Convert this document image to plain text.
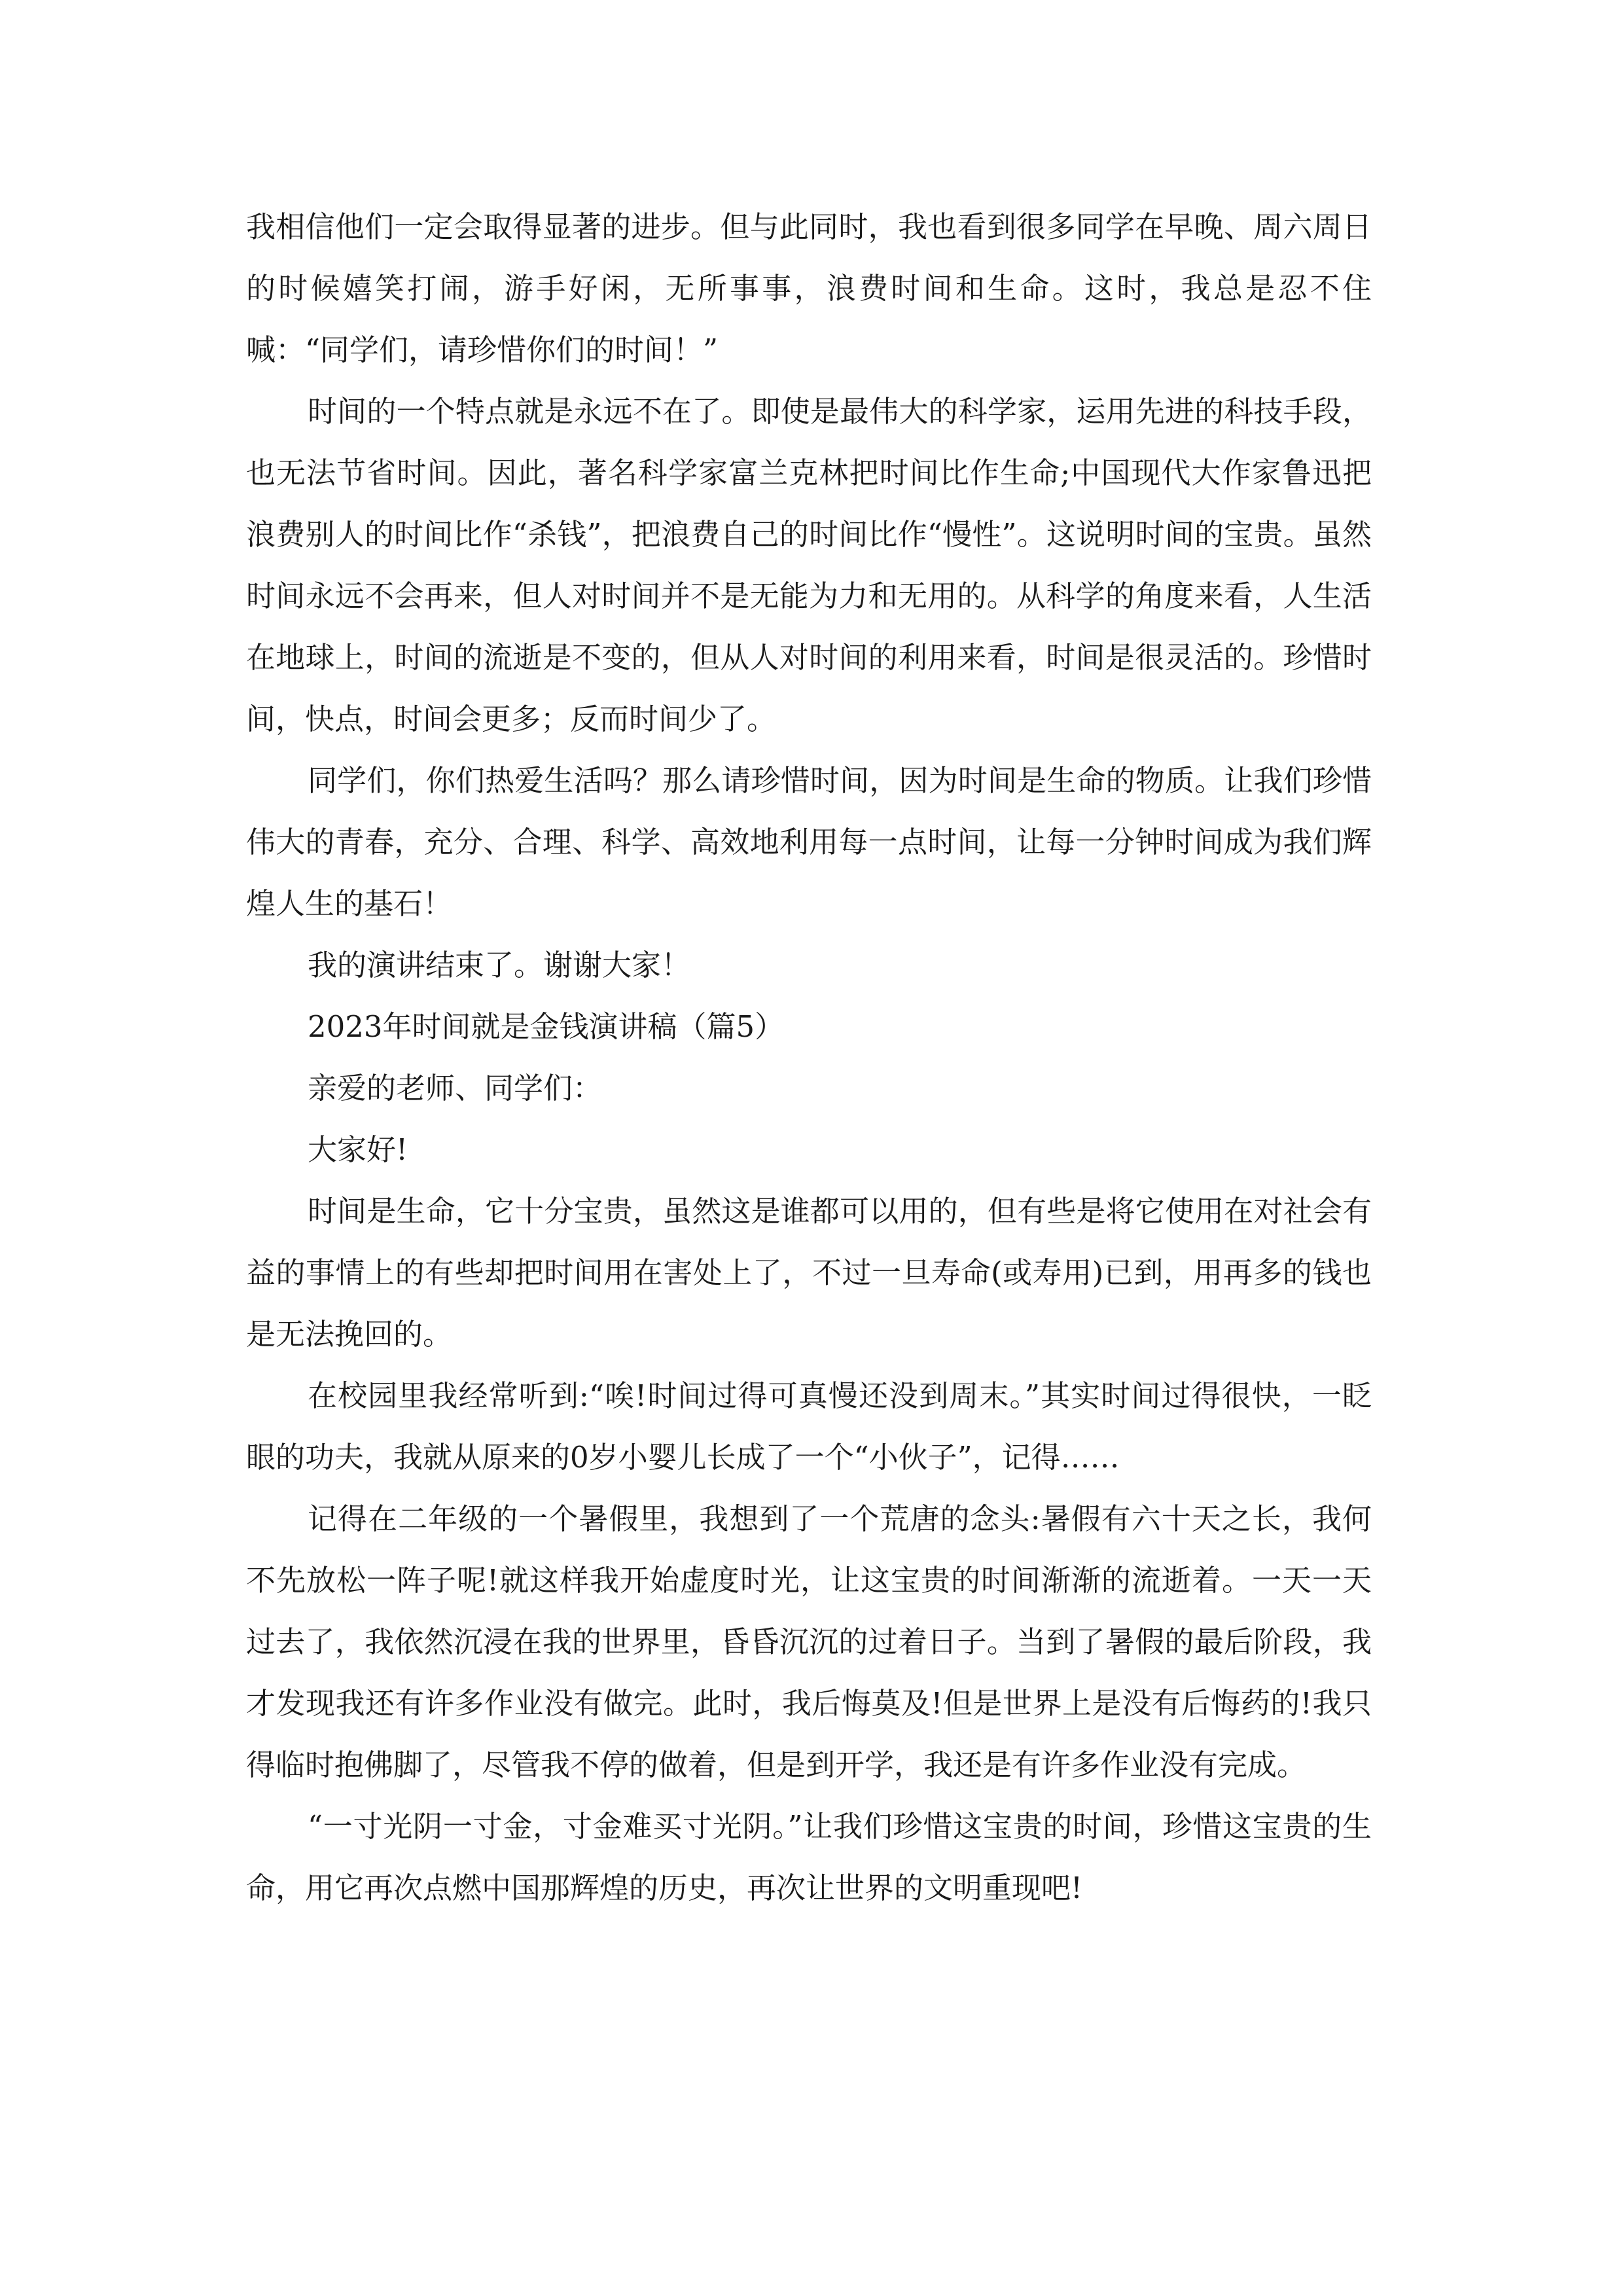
我相信他们一定会取得显著的进步。但与此同时，我也看到很多同学在早晚、周六周日的时候嬉笑打闹，游手好闲，无所事事，浪费时间和生命。这时，我总是忍不住喊：“同学们，请珍惜你们的时间！”

时间的一个特点就是永远不在了。即使是最伟大的科学家，运用先进的科技手段，也无法节省时间。因此，著名科学家富兰克林把时间比作生命;中国现代大作家鲁迅把浪费别人的时间比作“杀钱”，把浪费自己的时间比作“慢性”。这说明时间的宝贵。虽然时间永远不会再来，但人对时间并不是无能为力和无用的。从科学的角度来看，人生活在地球上，时间的流逝是不变的，但从人对时间的利用来看，时间是很灵活的。珍惜时间，快点，时间会更多；反而时间少了。

同学们，你们热爱生活吗？那么请珍惜时间，因为时间是生命的物质。让我们珍惜伟大的青春，充分、合理、科学、高效地利用每一点时间，让每一分钟时间成为我们辉煌人生的基石！

我的演讲结束了。谢谢大家！

2023年时间就是金钱演讲稿（篇5）

亲爱的老师、同学们：

大家好!

时间是生命，它十分宝贵，虽然这是谁都可以用的，但有些是将它使用在对社会有益的事情上的有些却把时间用在害处上了，不过一旦寿命(或寿用)已到，用再多的钱也是无法挽回的。

在校园里我经常听到:“唉!时间过得可真慢还没到周末。”其实时间过得很快，一眨眼的功夫，我就从原来的0岁小婴儿长成了一个“小伙子”，记得……

记得在二年级的一个暑假里，我想到了一个荒唐的念头:暑假有六十天之长，我何不先放松一阵子呢!就这样我开始虚度时光，让这宝贵的时间渐渐的流逝着。一天一天过去了，我依然沉浸在我的世界里，昏昏沉沉的过着日子。当到了暑假的最后阶段，我才发现我还有许多作业没有做完。此时，我后悔莫及!但是世界上是没有后悔药的!我只得临时抱佛脚了，尽管我不停的做着，但是到开学，我还是有许多作业没有完成。

“一寸光阴一寸金，寸金难买寸光阴。”让我们珍惜这宝贵的时间，珍惜这宝贵的生命，用它再次点燃中国那辉煌的历史，再次让世界的文明重现吧!
